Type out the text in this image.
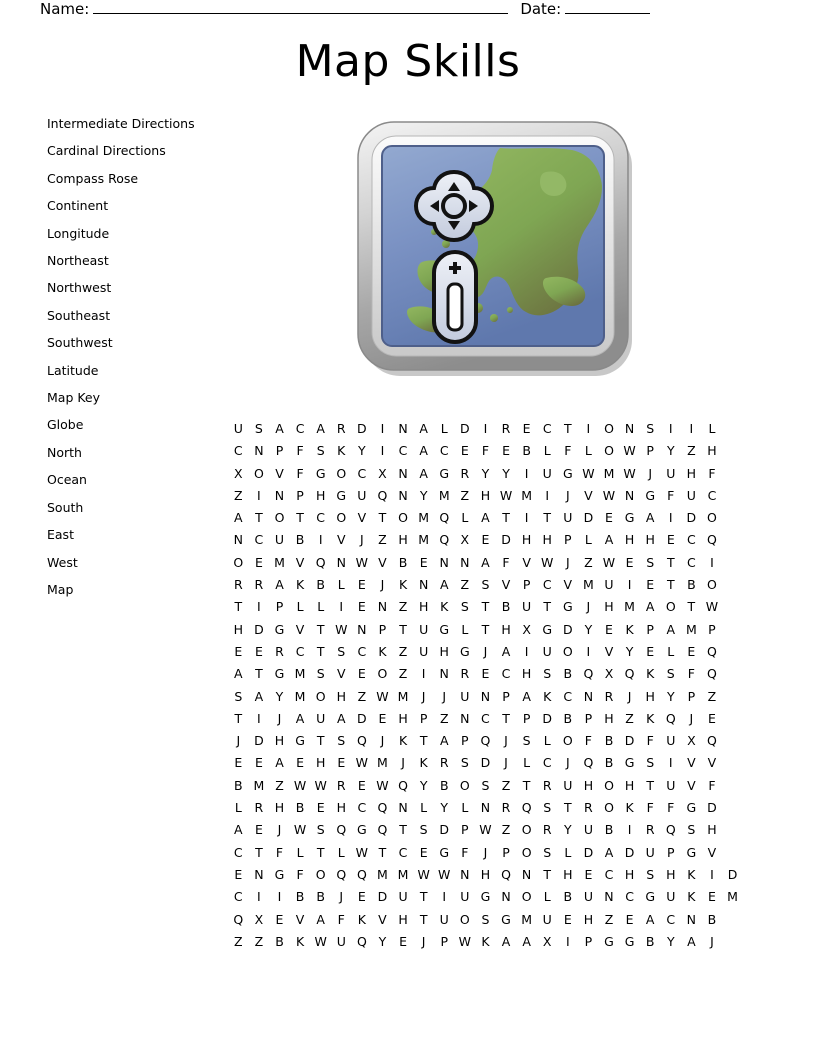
Name:	Date:
Map Skills
Intermediate Directions
Cardinal Directions
Compass Rose
Continent
Longitude
Northeast
Northwest
Southeast
Southwest
Latitude
Map Key
Globe
North
Ocean
South
East
West
Map
U S A C A R D	I	N A	L D	I	R E C T	I	O N S	I	I	L
C N P	F	S	K	Y	I	C A C E	F	E B	L	F	L O W P	Y Z H
X O V	F G O C X N A G R Y	Y	I	U G W M W	J	U H F
Z	I	N P H G U Q N Y M Z H W M	I	J	V W N G F U C
A T O T C O V T O M Q L	A T	I	T U D E G A	I	D O
N C U B	I	V	J	Z H M Q X E D H H P	L	A H H E C Q
O E M V Q N W V B E N N A	F	V W	J	Z W E	S	T C	I
R R A K B	L	E	J	K N A Z S V	P C V M U	I	E	T B O
T	I	P	L	L	I	E N Z H K	S	T B U T G	J	H M A O T W
H D G V T W N P	T U G L	T H X G D Y	E	K	P	A M P
E	E R C T	S C K Z U H G	J	A	I	U O	I	V Y	E	L	E Q
A T G M S V E O Z	I	N R E C H S B Q X Q K	S	F Q
S A Y M O H Z W M	J	J	U N P	A K C N R	J	H Y	P	Z
T	I	J	A U A D E H P	Z N C T	P D B	P H Z K Q	J	E
J	D H G T	S Q	J	K	T	A	P Q	J	S	L O F	B D F U X Q
E	E A E H E W M	J	K R S D	J	L	C	J	Q B G S	I	V V
B M Z W W R E W Q Y B O S Z T R U H O H T U V	F
L	R H B E H C Q N L	Y	L N R Q S	T R O K	F	F G D
A E	J	W S Q G Q T	S D P W Z O R Y U B	I	R Q S H
C T	F	L	T	L W T C E G F	J	P O S	L D A D U P G V
E N G F O Q Q M M W W N H Q N T H E C H S H K	I	D
C	I	I	B B	J	E D U T	I	U G N O L	B U N C G U K	E M
Q X E V A	F	K V H T U O S G M U E H Z E A C N B
Z Z B K W U Q Y	E	J	P W K A A X	I	P G G B Y	A	J
